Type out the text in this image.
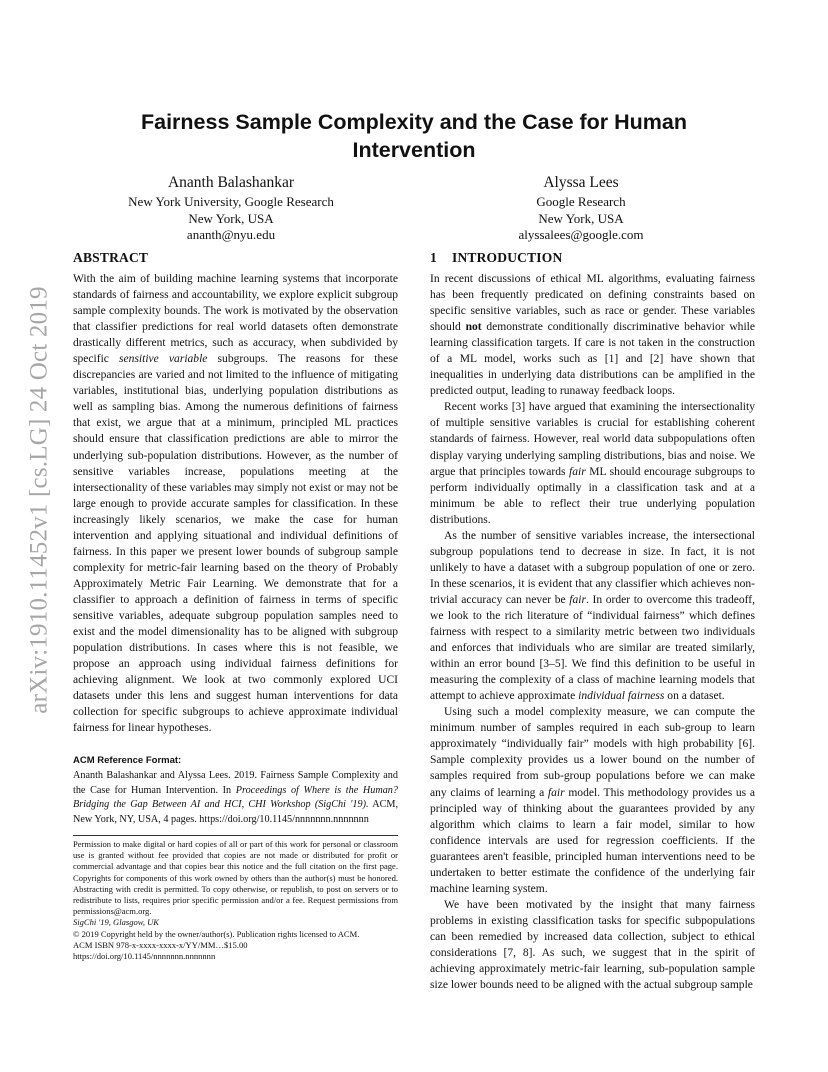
arXiv:1910.11452v1 [cs.LG] 24 Oct 2019
Fairness Sample Complexity and the Case for Human Intervention
Ananth Balashankar
New York University, Google Research
New York, USA
ananth@nyu.edu
Alyssa Lees
Google Research
New York, USA
alyssalees@google.com
ABSTRACT

With the aim of building machine learning systems that incorporate standards of fairness and accountability, we explore explicit subgroup sample complexity bounds. The work is motivated by the observation that classifier predictions for real world datasets often demonstrate drastically different metrics, such as accuracy, when subdivided by specific sensitive variable subgroups. The reasons for these discrepancies are varied and not limited to the influence of mitigating variables, institutional bias, underlying population distributions as well as sampling bias. Among the numerous definitions of fairness that exist, we argue that at a minimum, principled ML practices should ensure that classification predictions are able to mirror the underlying sub-population distributions. However, as the number of sensitive variables increase, populations meeting at the intersectionality of these variables may simply not exist or may not be large enough to provide accurate samples for classification. In these increasingly likely scenarios, we make the case for human intervention and applying situational and individual definitions of fairness. In this paper we present lower bounds of subgroup sample complexity for metric-fair learning based on the theory of Probably Approximately Metric Fair Learning. We demonstrate that for a classifier to approach a definition of fairness in terms of specific sensitive variables, adequate subgroup population samples need to exist and the model dimensionality has to be aligned with subgroup population distributions. In cases where this is not feasible, we propose an approach using individual fairness definitions for achieving alignment. We look at two commonly explored UCI datasets under this lens and suggest human interventions for data collection for specific subgroups to achieve approximate individual fairness for linear hypotheses.

ACM Reference Format:
Ananth Balashankar and Alyssa Lees. 2019. Fairness Sample Complexity and the Case for Human Intervention. In Proceedings of Where is the Human? Bridging the Gap Between AI and HCI, CHI Workshop (SigChi '19). ACM, New York, NY, USA, 4 pages. https://doi.org/10.1145/nnnnnnn.nnnnnnn

Permission to make digital or hard copies of all or part of this work for personal or classroom use is granted without fee provided that copies are not made or distributed for profit or commercial advantage and that copies bear this notice and the full citation on the first page. Copyrights for components of this work owned by others than the author(s) must be honored. Abstracting with credit is permitted. To copy otherwise, or republish, to post on servers or to redistribute to lists, requires prior specific permission and/or a fee. Request permissions from permissions@acm.org.

SigChi '19, Glasgow, UK
© 2019 Copyright held by the owner/author(s). Publication rights licensed to ACM.
ACM ISBN 978-x-xxxx-xxxx-x/YY/MM…$15.00
https://doi.org/10.1145/nnnnnnn.nnnnnnn
1 INTRODUCTION

In recent discussions of ethical ML algorithms, evaluating fairness has been frequently predicated on defining constraints based on specific sensitive variables, such as race or gender. These variables should not demonstrate conditionally discriminative behavior while learning classification targets. If care is not taken in the construction of a ML model, works such as [1] and [2] have shown that inequalities in underlying data distributions can be amplified in the predicted output, leading to runaway feedback loops.

Recent works [3] have argued that examining the intersectionality of multiple sensitive variables is crucial for establishing coherent standards of fairness. However, real world data subpopulations often display varying underlying sampling distributions, bias and noise. We argue that principles towards fair ML should encourage subgroups to perform individually optimally in a classification task and at a minimum be able to reflect their true underlying population distributions.

As the number of sensitive variables increase, the intersectional subgroup populations tend to decrease in size. In fact, it is not unlikely to have a dataset with a subgroup population of one or zero. In these scenarios, it is evident that any classifier which achieves non-trivial accuracy can never be fair. In order to overcome this tradeoff, we look to the rich literature of “individual fairness” which defines fairness with respect to a similarity metric between two individuals and enforces that individuals who are similar are treated similarly, within an error bound [3–5]. We find this definition to be useful in measuring the complexity of a class of machine learning models that attempt to achieve approximate individual fairness on a dataset.

Using such a model complexity measure, we can compute the minimum number of samples required in each sub-group to learn approximately “individually fair” models with high probability [6]. Sample complexity provides us a lower bound on the number of samples required from sub-group populations before we can make any claims of learning a fair model. This methodology provides us a principled way of thinking about the guarantees provided by any algorithm which claims to learn a fair model, similar to how confidence intervals are used for regression coefficients. If the guarantees aren't feasible, principled human interventions need to be undertaken to better estimate the confidence of the underlying fair machine learning system.

We have been motivated by the insight that many fairness problems in existing classification tasks for specific subpopulations can been remedied by increased data collection, subject to ethical considerations [7, 8]. As such, we suggest that in the spirit of achieving approximately metric-fair learning, sub-population sample size lower bounds need to be aligned with the actual subgroup sample
